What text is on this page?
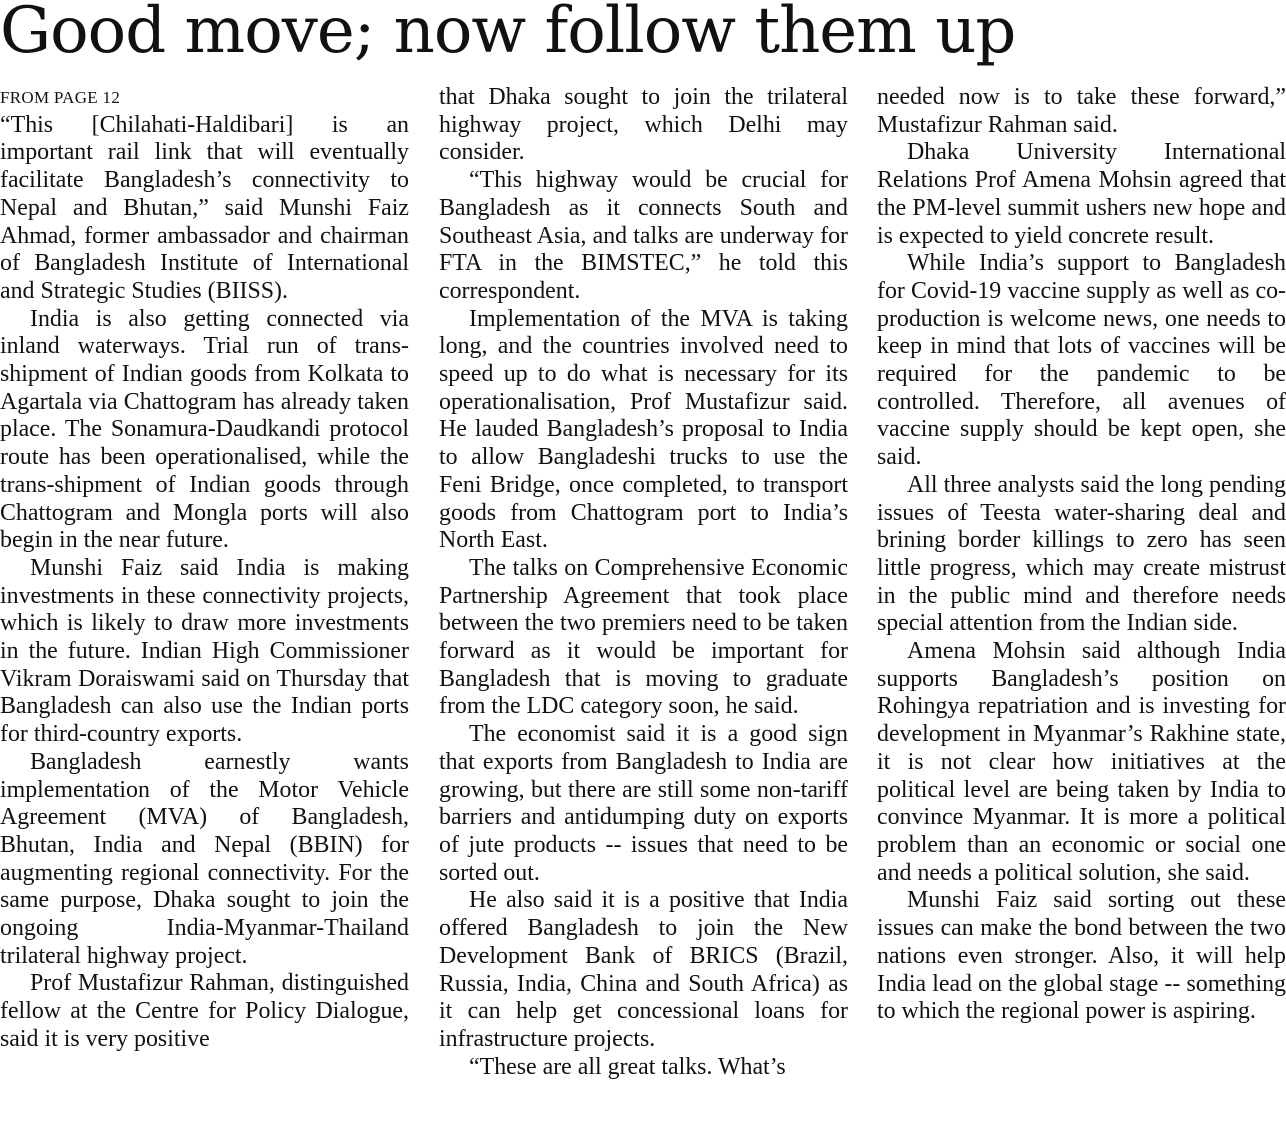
Good move; now follow them up
FROM PAGE 12

“This [Chilahati-Haldibari] is an important rail link that will eventually facilitate Bangladesh’s connectivity to Nepal and Bhutan,” said Munshi Faiz Ahmad, former ambassador and chairman of Bangladesh Institute of International and Strategic Studies (BIISS).

India is also getting connected via inland waterways. Trial run of trans-shipment of Indian goods from Kolkata to Agartala via Chattogram has already taken place. The Sonamura-Daudkandi protocol route has been operationalised, while the trans-shipment of Indian goods through Chattogram and Mongla ports will also begin in the near future.

Munshi Faiz said India is making investments in these connectivity projects, which is likely to draw more investments in the future. Indian High Commissioner Vikram Doraiswami said on Thursday that Bangladesh can also use the Indian ports for third-country exports.

Bangladesh earnestly wants implementation of the Motor Vehicle Agreement (MVA) of Bangladesh, Bhutan, India and Nepal (BBIN) for augmenting regional connectivity. For the same purpose, Dhaka sought to join the ongoing India-Myanmar-Thailand trilateral highway project.

Prof Mustafizur Rahman, distinguished fellow at the Centre for Policy Dialogue, said it is very positive

that Dhaka sought to join the trilateral highway project, which Delhi may consider.

“This highway would be crucial for Bangladesh as it connects South and Southeast Asia, and talks are underway for FTA in the BIMSTEC,” he told this correspondent.

Implementation of the MVA is taking long, and the countries involved need to speed up to do what is necessary for its operationalisation, Prof Mustafizur said. He lauded Bangladesh’s proposal to India to allow Bangladeshi trucks to use the Feni Bridge, once completed, to transport goods from Chattogram port to India’s North East.

The talks on Comprehensive Economic Partnership Agreement that took place between the two premiers need to be taken forward as it would be important for Bangladesh that is moving to graduate from the LDC category soon, he said.

The economist said it is a good sign that exports from Bangladesh to India are growing, but there are still some non-tariff barriers and antidumping duty on exports of jute products -- issues that need to be sorted out.

He also said it is a positive that India offered Bangladesh to join the New Development Bank of BRICS (Brazil, Russia, India, China and South Africa) as it can help get concessional loans for infrastructure projects.

“These are all great talks. What’s

needed now is to take these forward,” Mustafizur Rahman said.

Dhaka University International Relations Prof Amena Mohsin agreed that the PM-level summit ushers new hope and is expected to yield concrete result.

While India’s support to Bangladesh for Covid-19 vaccine supply as well as co-production is welcome news, one needs to keep in mind that lots of vaccines will be required for the pandemic to be controlled. Therefore, all avenues of vaccine supply should be kept open, she said.

All three analysts said the long pending issues of Teesta water-sharing deal and brining border killings to zero has seen little progress, which may create mistrust in the public mind and therefore needs special attention from the Indian side.

Amena Mohsin said although India supports Bangladesh’s position on Rohingya repatriation and is investing for development in Myanmar’s Rakhine state, it is not clear how initiatives at the political level are being taken by India to convince Myanmar. It is more a political problem than an economic or social one and needs a political solution, she said.

Munshi Faiz said sorting out these issues can make the bond between the two nations even stronger. Also, it will help India lead on the global stage -- something to which the regional power is aspiring.
